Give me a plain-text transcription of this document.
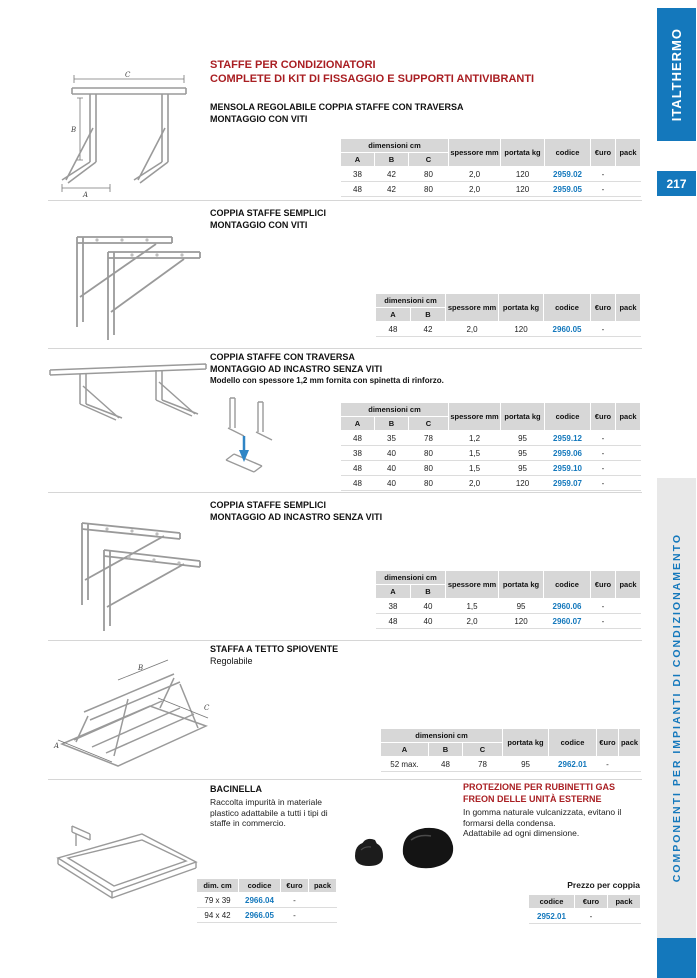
ITALTHERMO
217
COMPONENTI PER IMPIANTI DI CONDIZIONAMENTO
STAFFE PER CONDIZIONATORI
COMPLETE DI KIT DI FISSAGGIO E SUPPORTI ANTIVIBRANTI
MENSOLA REGOLABILE COPPIA STAFFE CON TRAVERSA
MONTAGGIO CON VITI
C
B
A
dimensioni cm			spessore mm	portata kg	codice	€uro	pack
A	B	C					
38	42	80	2,0	120	2959.02	-	
48	42	80	2,0	120	2959.05	-	
COPPIA STAFFE SEMPLICI
MONTAGGIO CON VITI
dimensioni cm		spessore mm	portata kg	codice	€uro	pack
A	B					
48	42	2,0	120	2960.05	-	
COPPIA STAFFE CON TRAVERSA
MONTAGGIO AD INCASTRO SENZA VITI
Modello con spessore 1,2 mm fornita con spinetta di rinforzo.
dimensioni cm			spessore mm	portata kg	codice	€uro	pack
A	B	C					
48	35	78	1,2	95	2959.12	-	
38	40	80	1,5	95	2959.06	-	
48	40	80	1,5	95	2959.10	-	
48	40	80	2,0	120	2959.07	-	
COPPIA STAFFE SEMPLICI
MONTAGGIO AD INCASTRO SENZA VITI
dimensioni cm		spessore mm	portata kg	codice	€uro	pack
A	B					
38	40	1,5	95	2960.06	-	
48	40	2,0	120	2960.07	-	
STAFFA A TETTO SPIOVENTE
Regolabile
A
B
C
dimensioni cm			portata kg	codice	€uro	pack
A	B	C				
52 max.	48	78	95	2962.01	-	
BACINELLA
Raccolta impurità in materiale plastico adattabile a tutti i tipi di staffe in commercio.
dim. cm	codice	€uro	pack
79 x 39	2966.04	-	
94 x 42	2966.05	-	
PROTEZIONE PER RUBINETTI GAS FREON DELLE UNITÀ ESTERNE
In gomma naturale vulcanizzata, evitano il formarsi della condensa.
Adattabile ad ogni dimensione.
Prezzo per coppia
codice	€uro	pack
2952.01	-	
